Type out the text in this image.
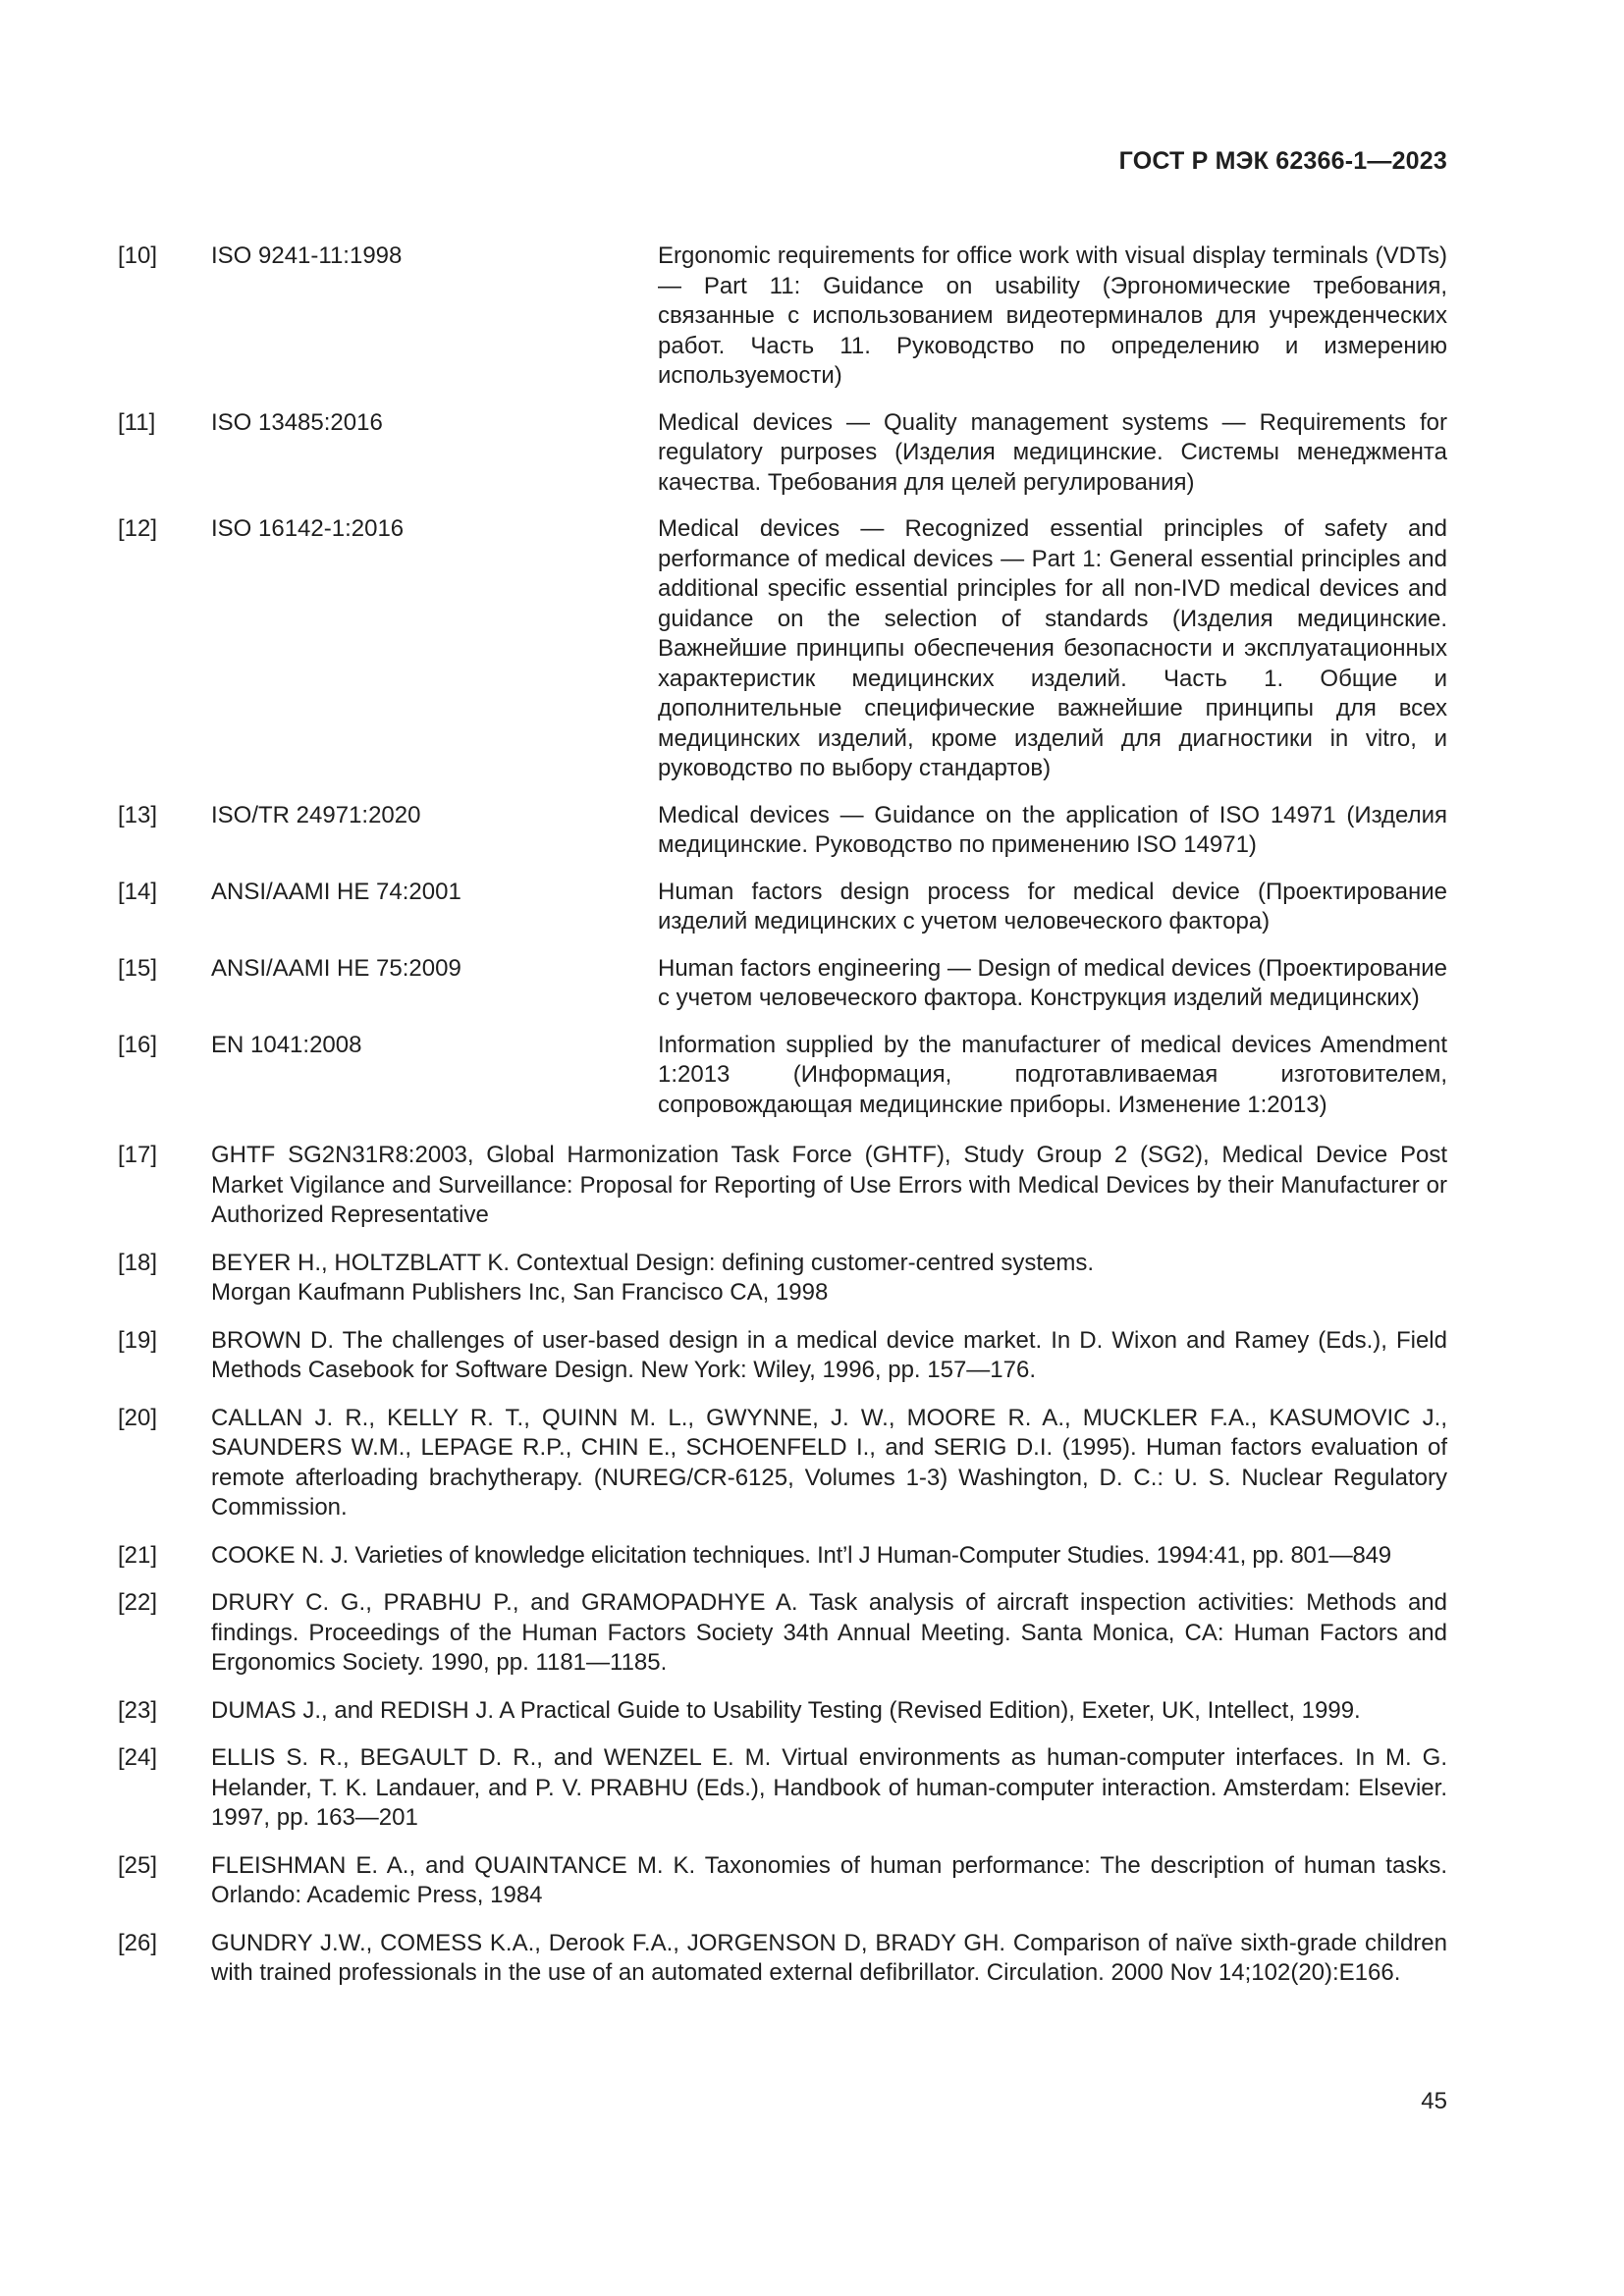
ГОСТ Р МЭК 62366-1—2023
[10]	ISO 9241-11:1998	Ergonomic requirements for office work with visual display terminals (VDTs) — Part 11: Guidance on usability (Эргономические требования, связанные с использованием видеотерминалов для учрежденческих работ. Часть 11. Руководство по определению и измерению используемости)
[11]	ISO 13485:2016	Medical devices — Quality management systems — Requirements for regulatory purposes (Изделия медицинские. Системы менеджмента качества. Требования для целей регулирования)
[12]	ISO 16142-1:2016	Medical devices — Recognized essential principles of safety and performance of medical devices — Part 1: General essential principles and additional specific essential principles for all non-IVD medical devices and guidance on the selection of standards (Изделия медицинские. Важнейшие принципы обеспечения безопасности и эксплуатационных характеристик медицинских изделий. Часть 1. Общие и дополнительные специфические важнейшие принципы для всех медицинских изделий, кроме изделий для диагностики in vitro, и руководство по выбору стандартов)
[13]	ISO/TR 24971:2020	Medical devices — Guidance on the application of ISO 14971 (Изделия медицинские. Руководство по применению ISO 14971)
[14]	ANSI/AAMI HE 74:2001	Human factors design process for medical device (Проектирование изделий медицинских с учетом человеческого фактора)
[15]	ANSI/AAMI HE 75:2009	Human factors engineering — Design of medical devices (Проектирование с учетом человеческого фактора. Конструкция изделий медицинских)
[16]	EN 1041:2008	Information supplied by the manufacturer of medical devices Amendment 1:2013 (Информация, подготавливаемая изготовителем, сопровождающая медицинские приборы. Изменение 1:2013)
[17]	GHTF SG2N31R8:2003, Global Harmonization Task Force (GHTF), Study Group 2 (SG2), Medical Device Post Market Vigilance and Surveillance: Proposal for Reporting of Use Errors with Medical Devices by their Manufacturer or Authorized Representative
[18]	BEYER H., HOLTZBLATT K. Contextual Design: defining customer-centred systems.
Morgan Kaufmann Publishers Inc, San Francisco CA, 1998
[19]	BROWN D. The challenges of user-based design in a medical device market. In D. Wixon and Ramey (Eds.), Field Methods Casebook for Software Design. New York: Wiley, 1996, pp. 157—176.
[20]	CALLAN J. R., KELLY R. T., QUINN M. L., GWYNNE, J. W., MOORE R. A., MUCKLER F.A., KASUMOVIC J., SAUNDERS W.M., LEPAGE R.P., CHIN E., SCHOENFELD I., and SERIG D.I. (1995). Human factors evaluation of remote afterloading brachytherapy. (NUREG/CR-6125, Volumes 1-3) Washington, D. C.: U. S. Nuclear Regulatory Commission.
[21]	COOKE N. J. Varieties of knowledge elicitation techniques. Int’l J Human-Computer Studies. 1994:41, pp. 801—849
[22]	DRURY C. G., PRABHU P., and GRAMOPADHYE A. Task analysis of aircraft inspection activities: Methods and findings. Proceedings of the Human Factors Society 34th Annual Meeting. Santa Monica, CA: Human Factors and Ergonomics Society. 1990, pp. 1181—1185.
[23]	DUMAS J., and REDISH J. A Practical Guide to Usability Testing (Revised Edition), Exeter, UK, Intellect, 1999.
[24]	ELLIS S. R., BEGAULT D. R., and WENZEL E. M. Virtual environments as human-computer interfaces. In M. G. Helander, T. K. Landauer, and P. V. PRABHU (Eds.), Handbook of human-computer interaction. Amsterdam: Elsevier. 1997, pp. 163—201
[25]	FLEISHMAN E. A., and QUAINTANCE M. K. Taxonomies of human performance: The description of human tasks. Orlando: Academic Press, 1984
[26]	GUNDRY J.W., COMESS K.A., Derook F.A., JORGENSON D, BRADY GH. Comparison of naïve sixth-grade children with trained professionals in the use of an automated external defibrillator. Circulation. 2000 Nov 14;102(20):E166.
45
